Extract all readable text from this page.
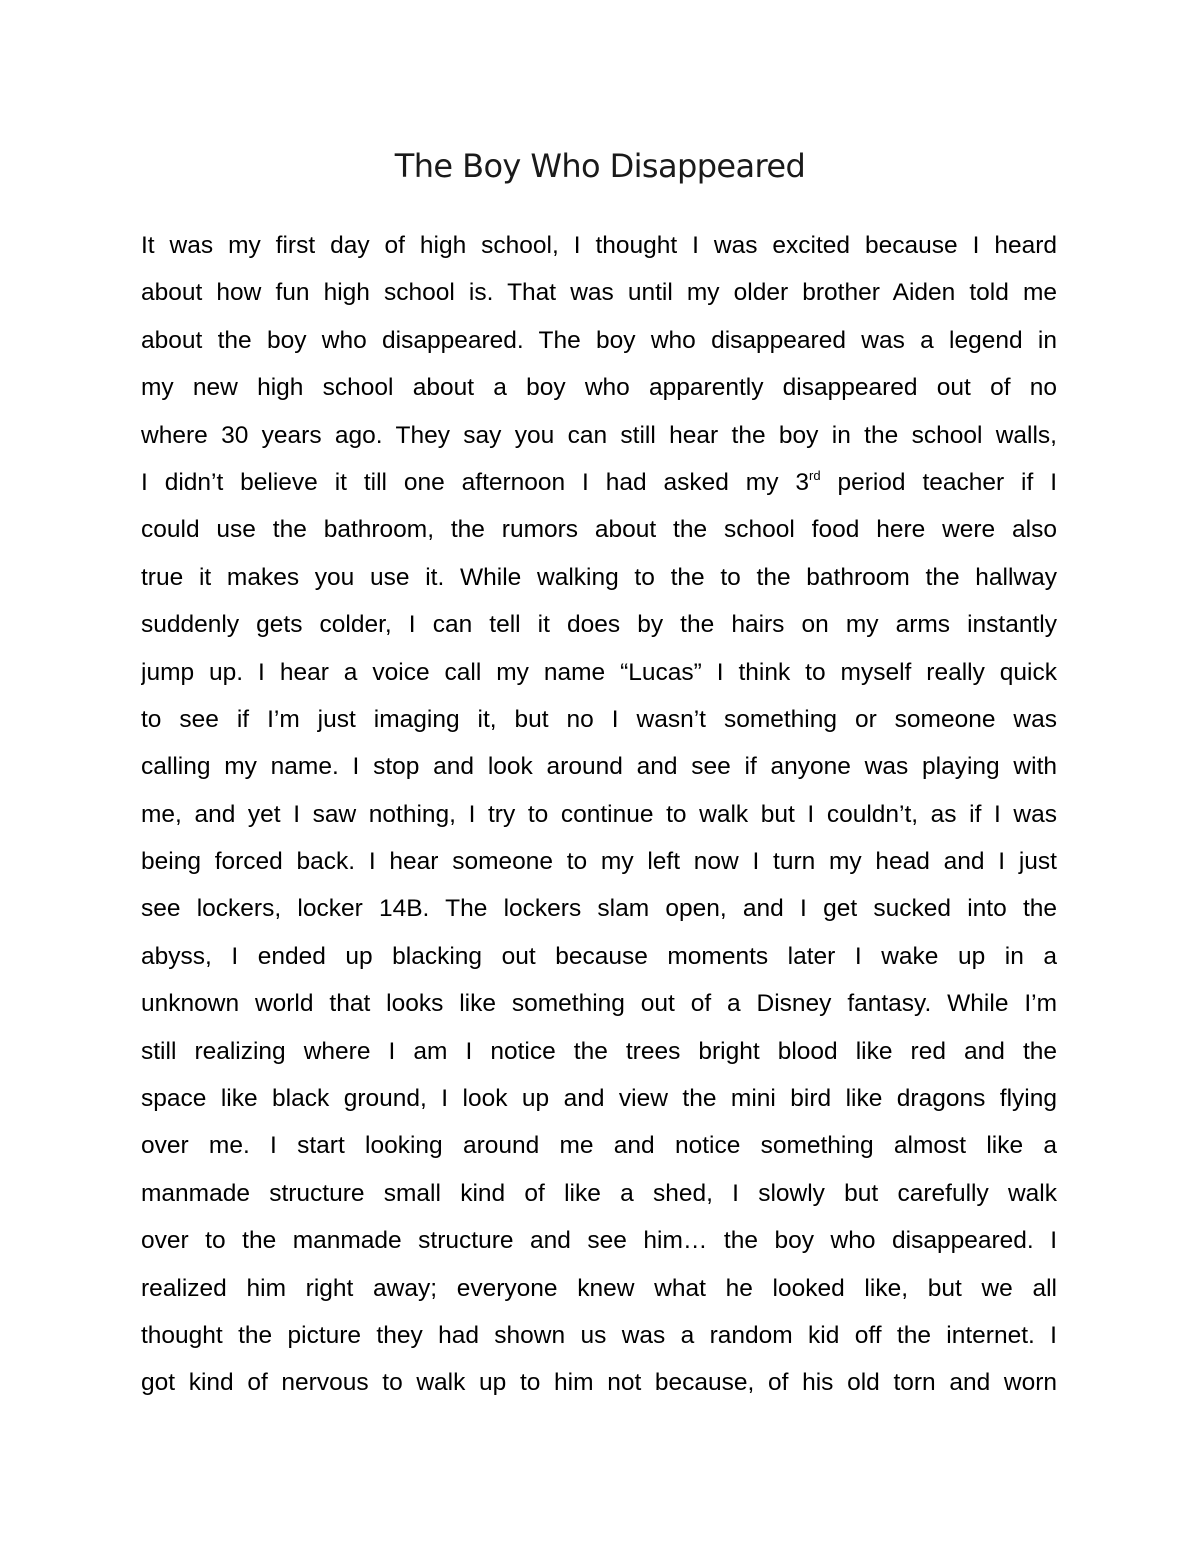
The Boy Who Disappeared
It was my first day of high school, I thought I was excited because I heard
about how fun high school is. That was until my older brother Aiden told me
about the boy who disappeared. The boy who disappeared was a legend in
my new high school about a boy who apparently disappeared out of no
where 30 years ago. They say you can still hear the boy in the school walls,
I didn’t believe it till one afternoon I had asked my 3rd period teacher if I
could use the bathroom, the rumors about the school food here were also
true it makes you use it. While walking to the to the bathroom the hallway
suddenly gets colder, I can tell it does by the hairs on my arms instantly
jump up. I hear a voice call my name “Lucas” I think to myself really quick
to see if I’m just imaging it, but no I wasn’t something or someone was
calling my name. I stop and look around and see if anyone was playing with
me, and yet I saw nothing, I try to continue to walk but I couldn’t, as if I was
being forced back. I hear someone to my left now I turn my head and I just
see lockers, locker 14B. The lockers slam open, and I get sucked into the
abyss, I ended up blacking out because moments later I wake up in a
unknown world that looks like something out of a Disney fantasy. While I’m
still realizing where I am I notice the trees bright blood like red and the
space like black ground, I look up and view the mini bird like dragons flying
over me. I start looking around me and notice something almost like a
manmade structure small kind of like a shed, I slowly but carefully walk
over to the manmade structure and see him… the boy who disappeared. I
realized him right away; everyone knew what he looked like, but we all
thought the picture they had shown us was a random kid off the internet. I
got kind of nervous to walk up to him not because, of his old torn and worn
